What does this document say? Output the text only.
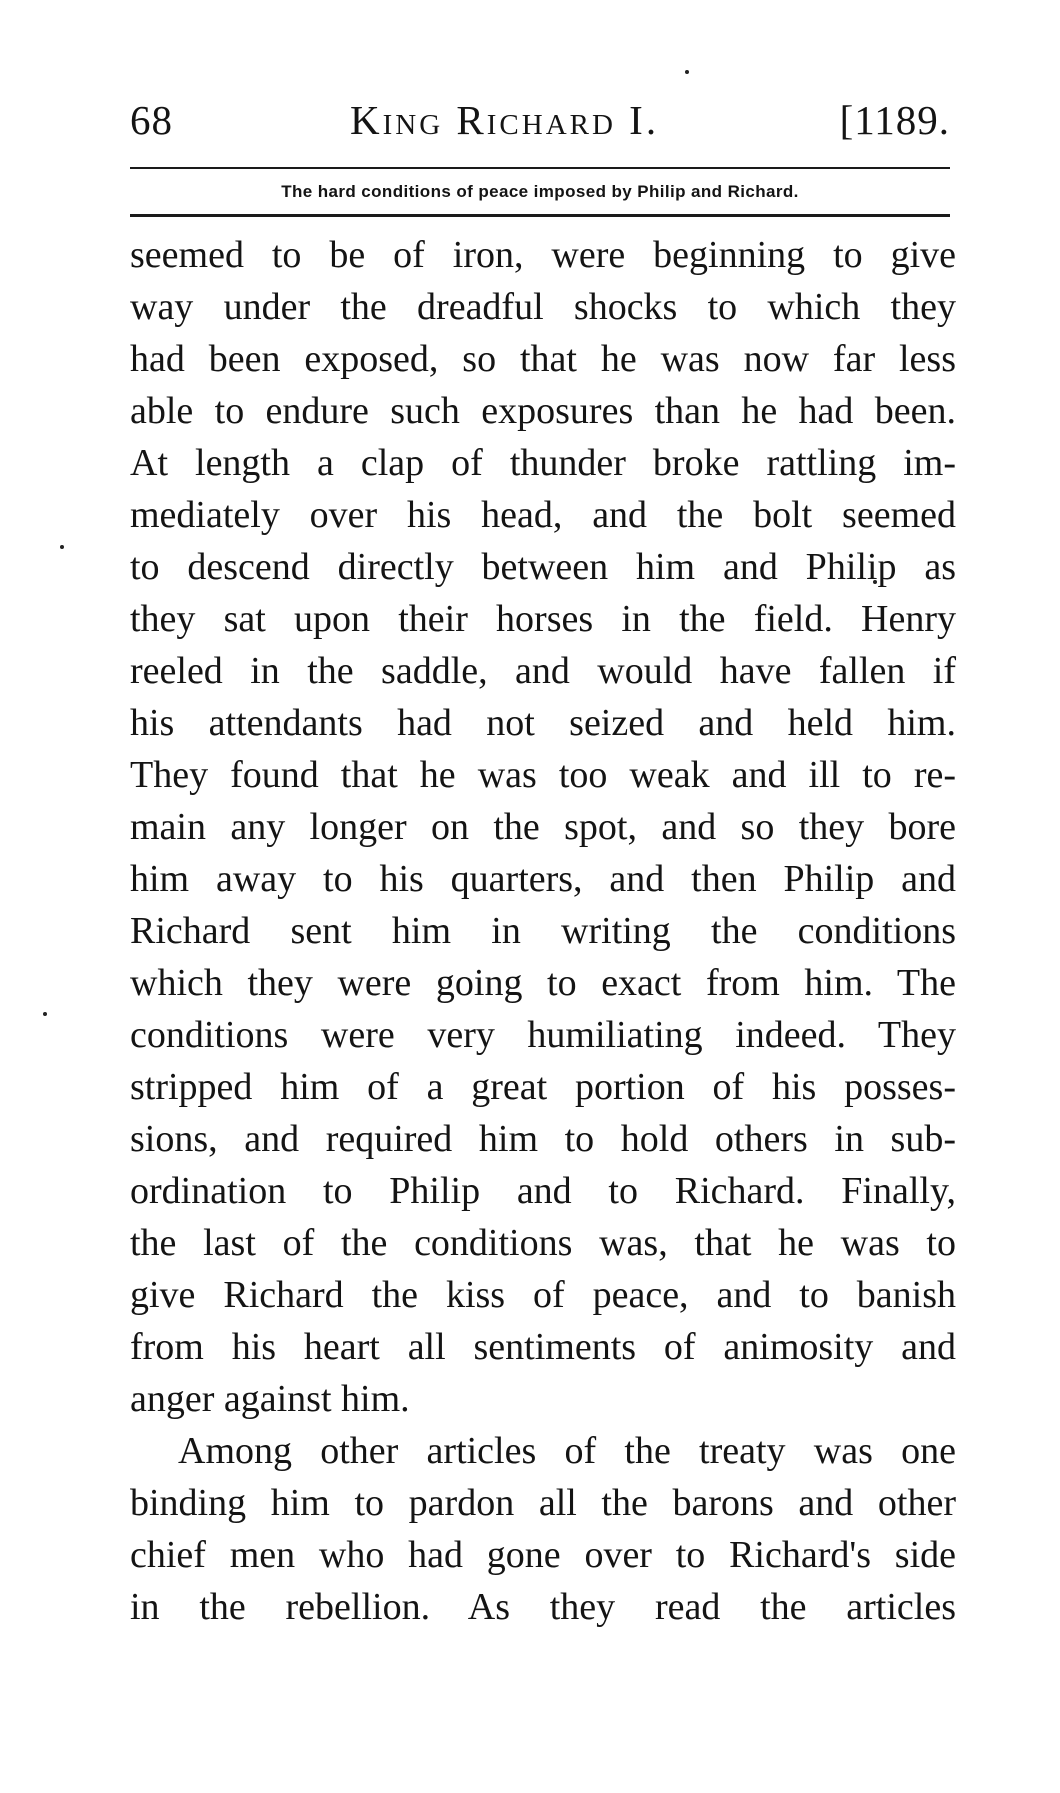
68	King Richard I.	[1189.
The hard conditions of peace imposed by Philip and Richard.
seemed to be of iron, were beginning to give
way under the dreadful shocks to which they
had been exposed, so that he was now far less
able to endure such exposures than he had been.
At length a clap of thunder broke rattling im-
mediately over his head, and the bolt seemed
to descend directly between him and Philip as
they sat upon their horses in the field. Henry
reeled in the saddle, and would have fallen if
his attendants had not seized and held him.
They found that he was too weak and ill to re-
main any longer on the spot, and so they bore
him away to his quarters, and then Philip and
Richard sent him in writing the conditions
which they were going to exact from him. The
conditions were very humiliating indeed. They
stripped him of a great portion of his posses-
sions, and required him to hold others in sub-
ordination to Philip and to Richard. Finally,
the last of the conditions was, that he was to
give Richard the kiss of peace, and to banish
from his heart all sentiments of animosity and
anger against him.
Among other articles of the treaty was one
binding him to pardon all the barons and other
chief men who had gone over to Richard's side
in the rebellion. As they read the articles
